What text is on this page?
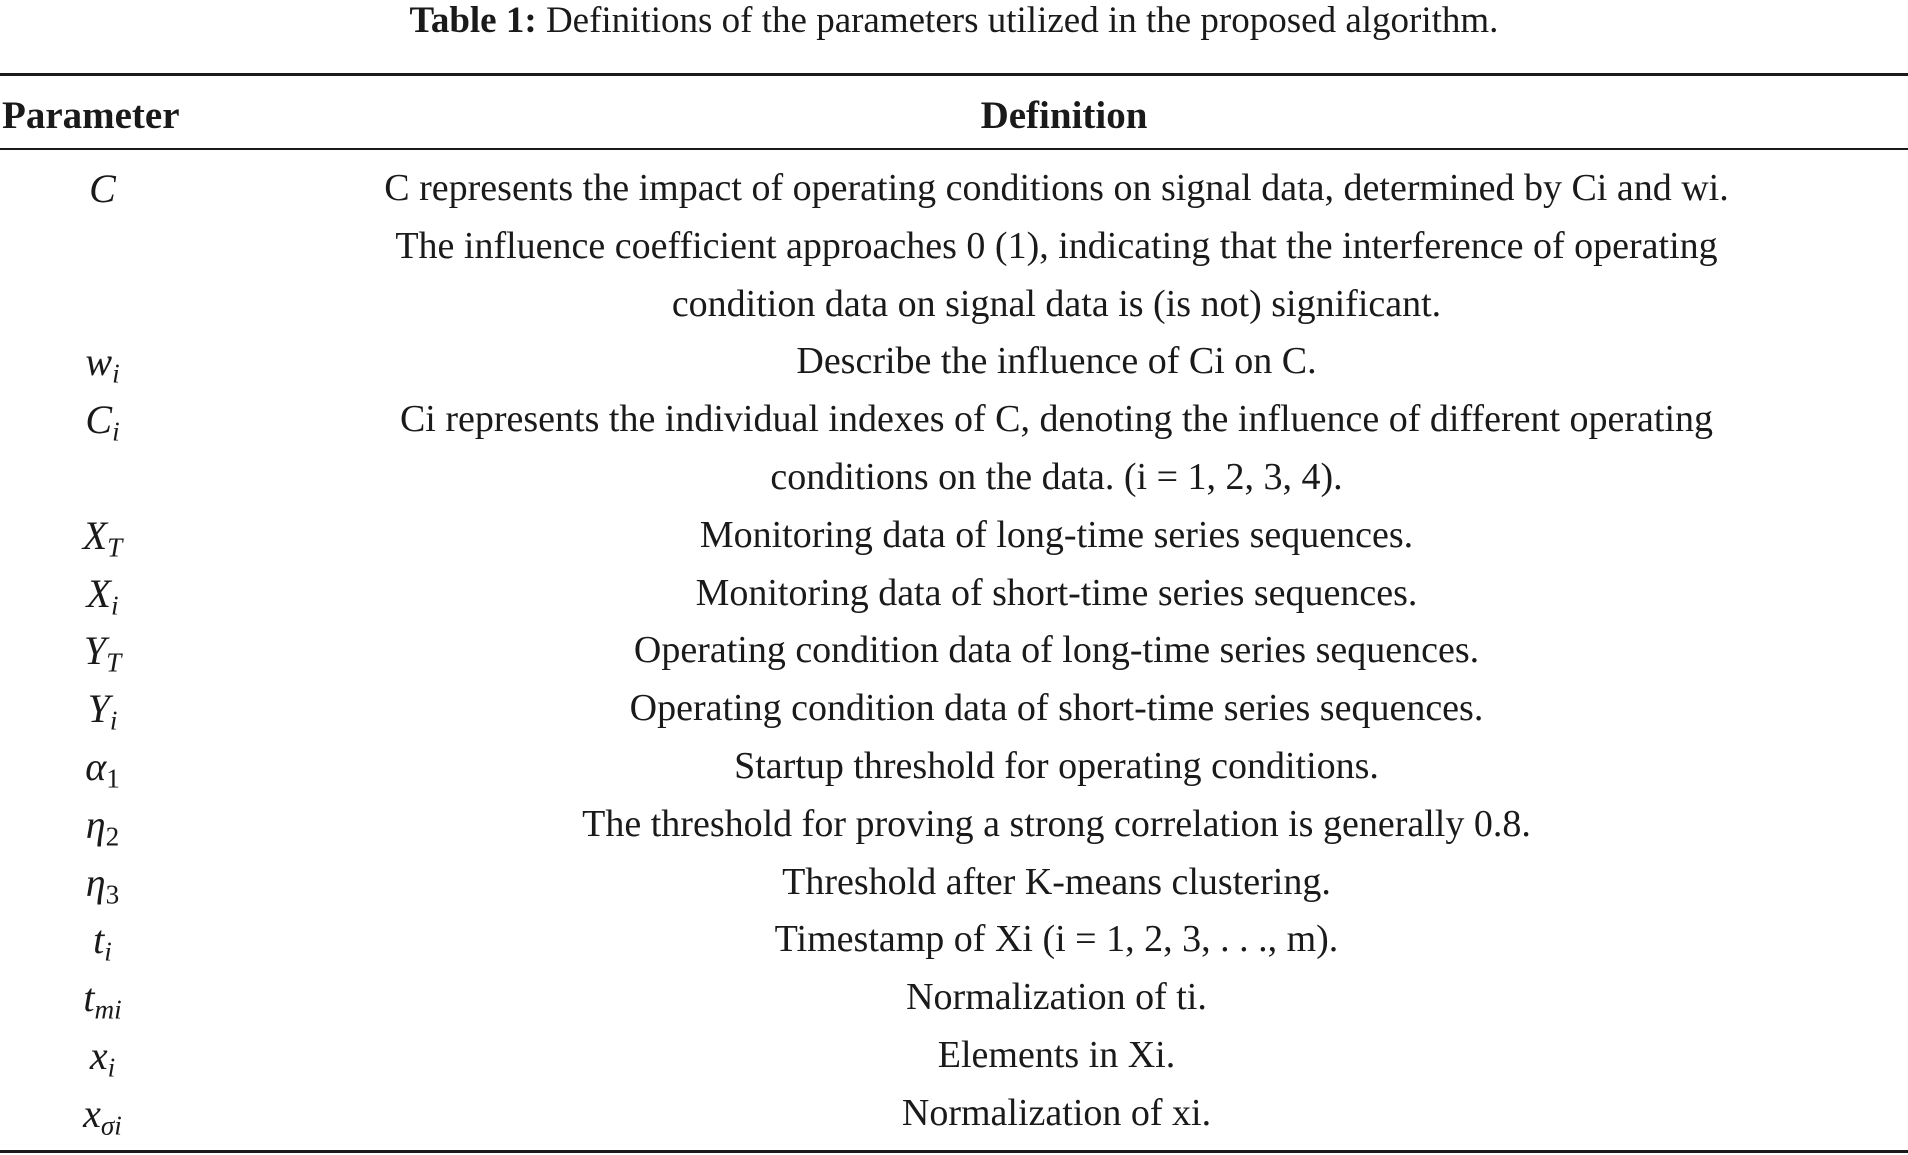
Table 1: Definitions of the parameters utilized in the proposed algorithm.
Parameter	Definition
C	C represents the impact of operating conditions on signal data, determined by Ci and wi.

The influence coefficient approaches 0 (1), indicating that the interference of operating

condition data on signal data is (is not) significant.

$w_i$	Describe the influence of Ci on C.

$C_i$	Ci represents the individual indexes of C, denoting the influence of different operating

conditions on the data. (i = 1, 2, 3, 4).

$X_T$	Monitoring data of long-time series sequences.

$X_i$	Monitoring data of short-time series sequences.

$Y_T$	Operating condition data of long-time series sequences.

$Y_i$	Operating condition data of short-time series sequences.

$\alpha_1$	Startup threshold for operating conditions.

$\eta_2$	The threshold for proving a strong correlation is generally 0.8.

$\eta_3$	Threshold after K-means clustering.

$t_i$	Timestamp of Xi (i = 1, 2, 3, . . ., m).

$t_{mi}$	Normalization of ti.

$x_i$	Elements in Xi.

$x_{\sigma i}$	Normalization of xi.
